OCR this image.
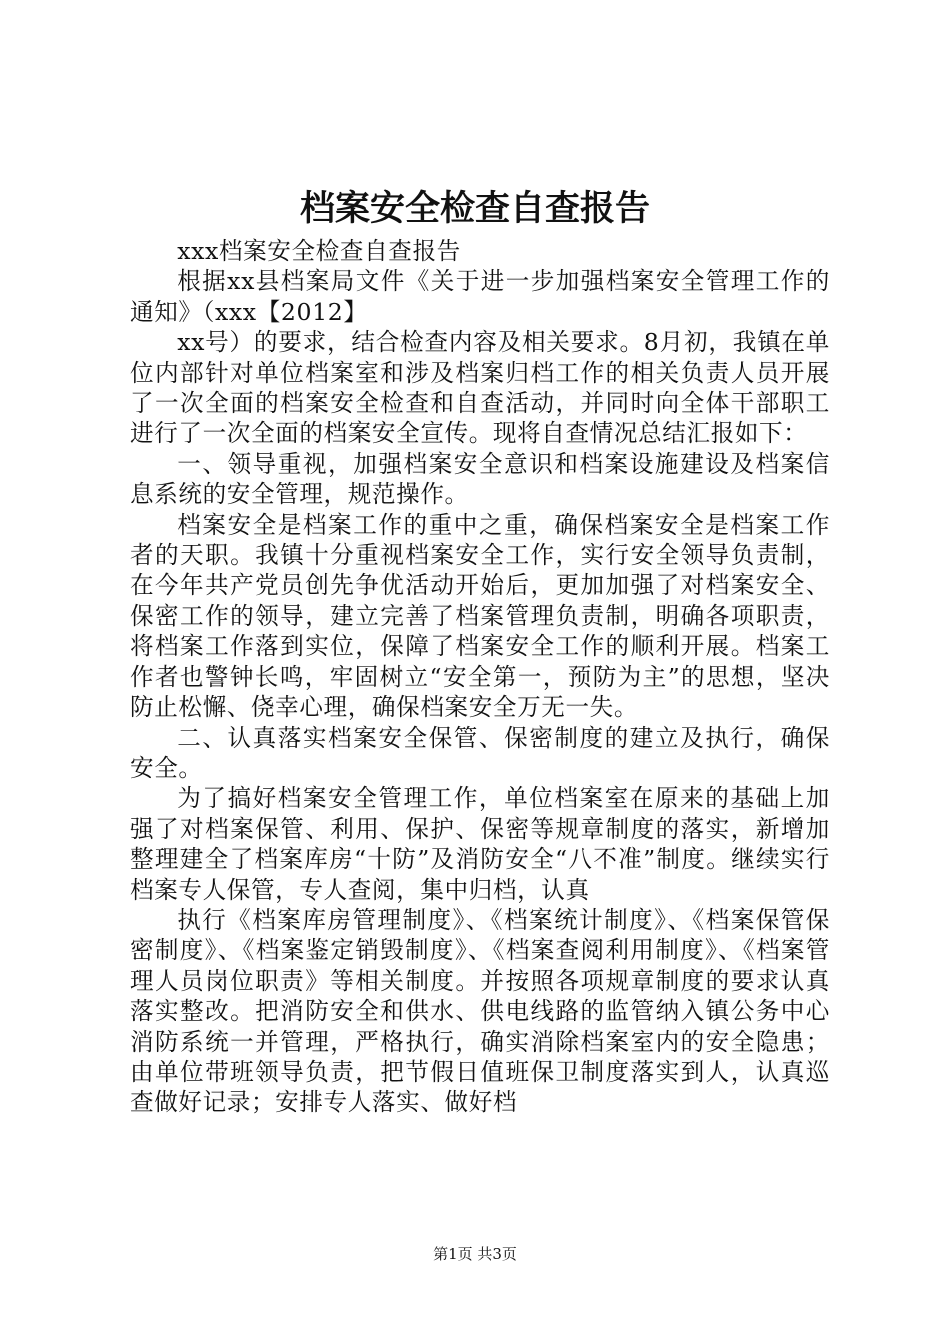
档案安全检查自查报告

xxx档案安全检查自查报告

根据xx县档案局文件《关于进一步加强档案安全管理工作的通知》（xxx【2012】

xx号）的要求，结合检查内容及相关要求。8月初，我镇在单位内部针对单位档案室和涉及档案归档工作的相关负责人员开展了一次全面的档案安全检查和自查活动，并同时向全体干部职工进行了一次全面的档案安全宣传。现将自查情况总结汇报如下：

一、领导重视，加强档案安全意识和档案设施建设及档案信息系统的安全管理，规范操作。

档案安全是档案工作的重中之重，确保档案安全是档案工作者的天职。我镇十分重视档案安全工作，实行安全领导负责制，在今年共产党员创先争优活动开始后，更加加强了对档案安全、保密工作的领导，建立完善了档案管理负责制，明确各项职责，将档案工作落到实位，保障了档案安全工作的顺利开展。档案工作者也警钟长鸣，牢固树立“安全第一，预防为主”的思想，坚决防止松懈、侥幸心理，确保档案安全万无一失。

二、认真落实档案安全保管、保密制度的建立及执行，确保安全。

为了搞好档案安全管理工作，单位档案室在原来的基础上加强了对档案保管、利用、保护、保密等规章制度的落实，新增加整理建全了档案库房“十防”及消防安全“八不准”制度。继续实行档案专人保管，专人查阅，集中归档，认真

执行《档案库房管理制度》、《档案统计制度》、《档案保管保密制度》、《档案鉴定销毁制度》、《档案查阅利用制度》、《档案管理人员岗位职责》等相关制度。并按照各项规章制度的要求认真落实整改。把消防安全和供水、供电线路的监管纳入镇公务中心消防系统一并管理，严格执行，确实消除档案室内的安全隐患；由单位带班领导负责，把节假日值班保卫制度落实到人，认真巡查做好记录；安排专人落实、做好档

第1页 共3页
